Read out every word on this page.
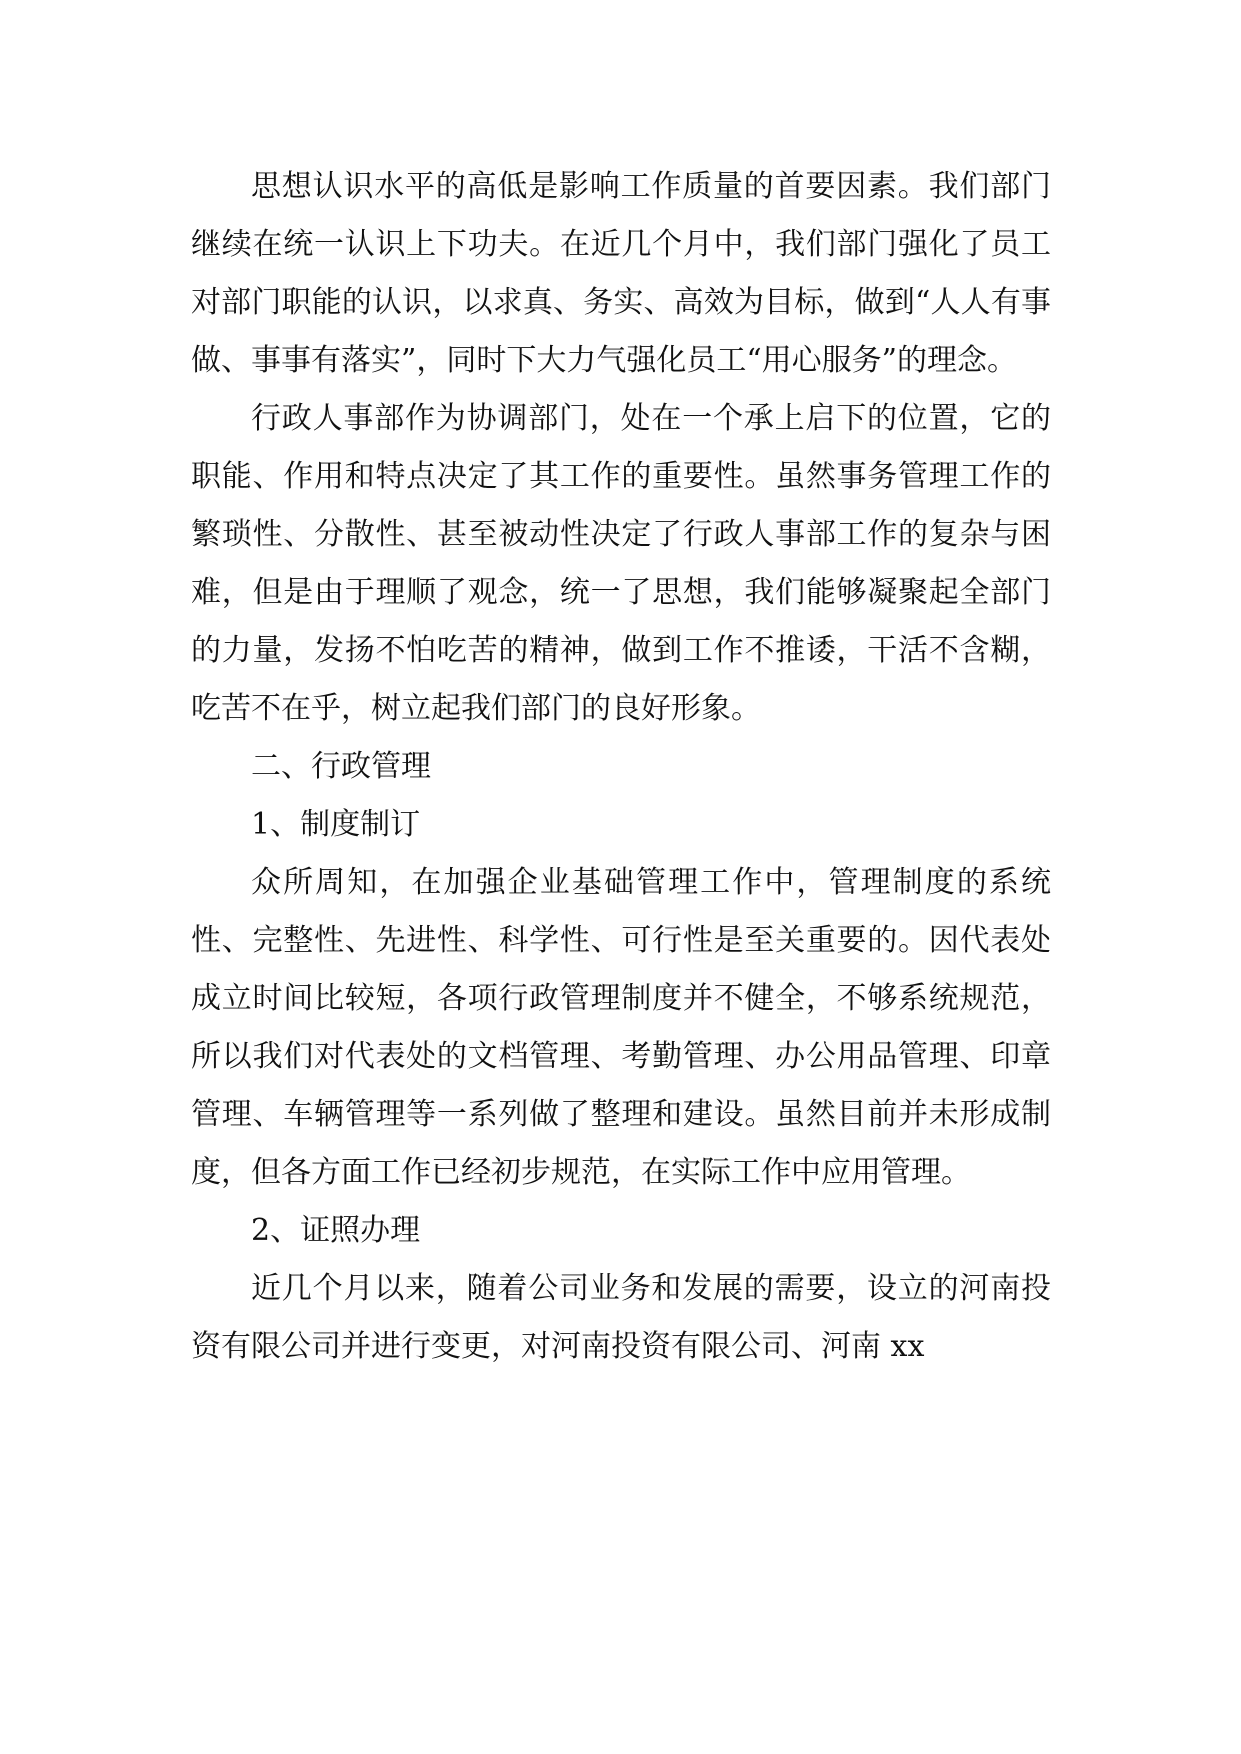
思想认识水平的高低是影响工作质量的首要因素。我们部门继续在统一认识上下功夫。在近几个月中，我们部门强化了员工对部门职能的认识，以求真、务实、高效为目标，做到“人人有事做、事事有落实”，同时下大力气强化员工“用心服务”的理念。

行政人事部作为协调部门，处在一个承上启下的位置，它的职能、作用和特点决定了其工作的重要性。虽然事务管理工作的繁琐性、分散性、甚至被动性决定了行政人事部工作的复杂与困难，但是由于理顺了观念，统一了思想，我们能够凝聚起全部门的力量，发扬不怕吃苦的精神，做到工作不推诿，干活不含糊，吃苦不在乎，树立起我们部门的良好形象。

二、行政管理

1、制度制订

众所周知，在加强企业基础管理工作中，管理制度的系统性、完整性、先进性、科学性、可行性是至关重要的。因代表处成立时间比较短，各项行政管理制度并不健全，不够系统规范，所以我们对代表处的文档管理、考勤管理、办公用品管理、印章管理、车辆管理等一系列做了整理和建设。虽然目前并未形成制度，但各方面工作已经初步规范，在实际工作中应用管理。

2、证照办理

近几个月以来，随着公司业务和发展的需要，设立的河南投资有限公司并进行变更，对河南投资有限公司、河南 xx
